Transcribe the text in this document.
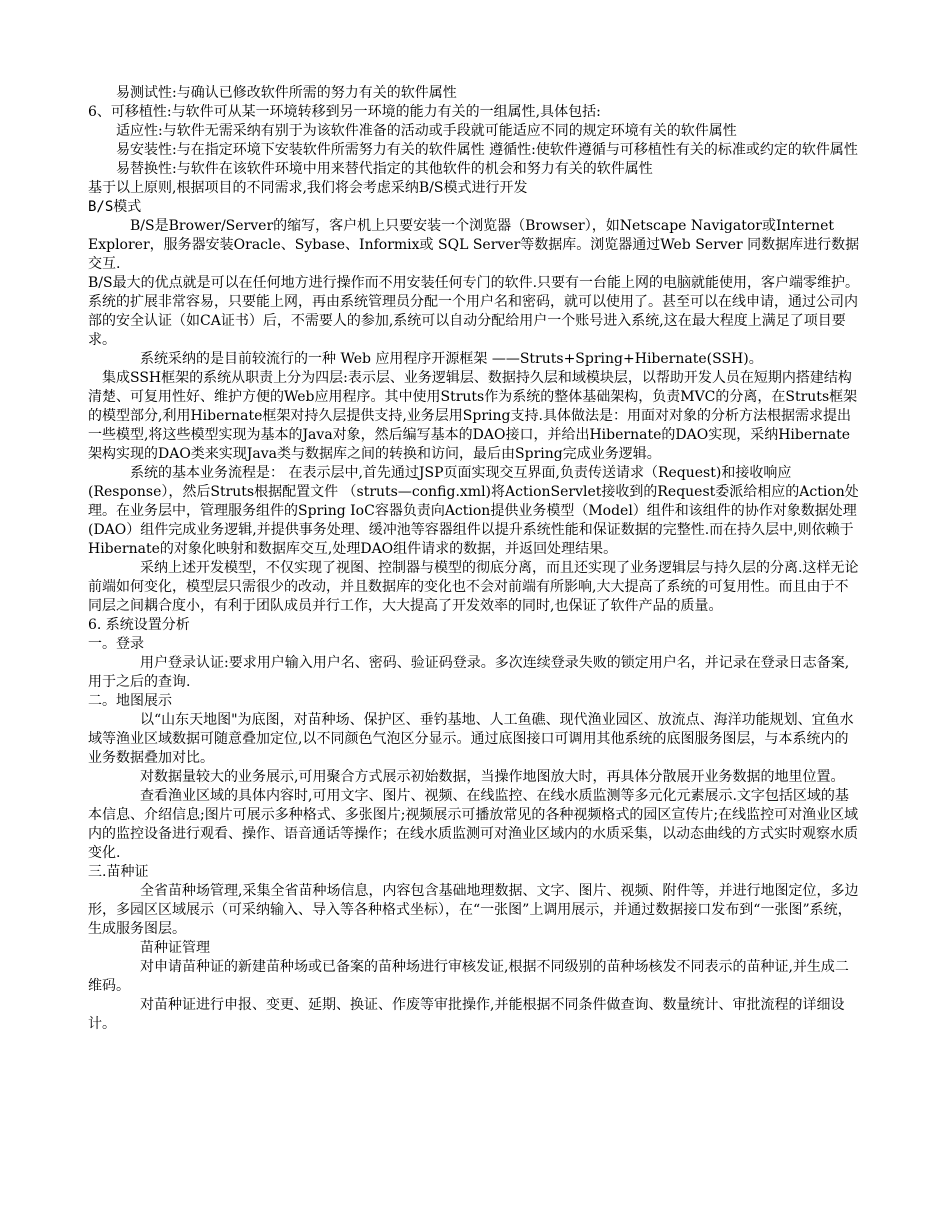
易测试性:与确认已修改软件所需的努力有关的软件属性

6、可移植性:与软件可从某一环境转移到另一环境的能力有关的一组属性,具体包括:

适应性:与软件无需采纳有别于为该软件准备的活动或手段就可能适应不同的规定环境有关的软件属性

易安装性:与在指定环境下安装软件所需努力有关的软件属性 遵循性:使软件遵循与可移植性有关的标准或约定的软件属性

易替换性:与软件在该软件环境中用来替代指定的其他软件的机会和努力有关的软件属性

基于以上原则,根据项目的不同需求,我们将会考虑采纳B/S模式进行开发

B/S模式

B/S是Brower/Server的缩写，客户机上只要安装一个浏览器（Browser），如Netscape Navigator或Internet Explorer，服务器安装Oracle、Sybase、Informix或 SQL Server等数据库。浏览器通过Web Server 同数据库进行数据交互.

B/S最大的优点就是可以在任何地方进行操作而不用安装任何专门的软件.只要有一台能上网的电脑就能使用，客户端零维护。系统的扩展非常容易，只要能上网，再由系统管理员分配一个用户名和密码，就可以使用了。甚至可以在线申请，通过公司内部的安全认证（如CA证书）后，不需要人的参加,系统可以自动分配给用户一个账号进入系统,这在最大程度上满足了项目要求。

系统采纳的是目前较流行的一种 Web 应用程序开源框架 ——Struts+Spring+Hibernate(SSH)。

集成SSH框架的系统从职责上分为四层:表示层、业务逻辑层、数据持久层和域模块层，以帮助开发人员在短期内搭建结构清楚、可复用性好、维护方便的Web应用程序。其中使用Struts作为系统的整体基础架构，负责MVC的分离，在Struts框架的模型部分,利用Hibernate框架对持久层提供支持,业务层用Spring支持.具体做法是：用面对对象的分析方法根据需求提出一些模型,将这些模型实现为基本的Java对象，然后编写基本的DAO接口，并给出Hibernate的DAO实现，采纳Hibernate架构实现的DAO类来实现Java类与数据库之间的转换和访问，最后由Spring完成业务逻辑。

系统的基本业务流程是： 在表示层中,首先通过JSP页面实现交互界面,负责传送请求（Request)和接收响应(Response），然后Struts根据配置文件 （struts—config.xml)将ActionServlet接收到的Request委派给相应的Action处理。在业务层中，管理服务组件的Spring IoC容器负责向Action提供业务模型（Model）组件和该组件的协作对象数据处理(DAO）组件完成业务逻辑,并提供事务处理、缓冲池等容器组件以提升系统性能和保证数据的完整性.而在持久层中,则依赖于 Hibernate的对象化映射和数据库交互,处理DAO组件请求的数据，并返回处理结果。

采纳上述开发模型，不仅实现了视图、控制器与模型的彻底分离，而且还实现了业务逻辑层与持久层的分离.这样无论前端如何变化，模型层只需很少的改动，并且数据库的变化也不会对前端有所影响,大大提高了系统的可复用性。而且由于不同层之间耦合度小，有利于团队成员并行工作，大大提高了开发效率的同时,也保证了软件产品的质量。

6. 系统设置分析

一。登录

用户登录认证:要求用户输入用户名、密码、验证码登录。多次连续登录失败的锁定用户名，并记录在登录日志备案,用于之后的查询.

二。地图展示

以“山东天地图"为底图，对苗种场、保护区、垂钓基地、人工鱼礁、现代渔业园区、放流点、海洋功能规划、宜鱼水域等渔业区域数据可随意叠加定位,以不同颜色气泡区分显示。通过底图接口可调用其他系统的底图服务图层，与本系统内的业务数据叠加对比。

对数据量较大的业务展示,可用聚合方式展示初始数据，当操作地图放大时，再具体分散展开业务数据的地里位置。

查看渔业区域的具体内容时,可用文字、图片、视频、在线监控、在线水质监测等多元化元素展示.文字包括区域的基本信息、介绍信息;图片可展示多种格式、多张图片;视频展示可播放常见的各种视频格式的园区宣传片;在线监控可对渔业区域内的监控设备进行观看、操作、语音通话等操作；在线水质监测可对渔业区域内的水质采集，以动态曲线的方式实时观察水质变化.

三.苗种证

全省苗种场管理,采集全省苗种场信息，内容包含基础地理数据、文字、图片、视频、附件等，并进行地图定位，多边形，多园区区域展示（可采纳输入、导入等各种格式坐标），在“一张图”上调用展示，并通过数据接口发布到“一张图”系统，生成服务图层。

苗种证管理

对申请苗种证的新建苗种场或已备案的苗种场进行审核发证,根据不同级别的苗种场核发不同表示的苗种证,并生成二维码。

对苗种证进行申报、变更、延期、换证、作废等审批操作,并能根据不同条件做查询、数量统计、审批流程的详细设计。
